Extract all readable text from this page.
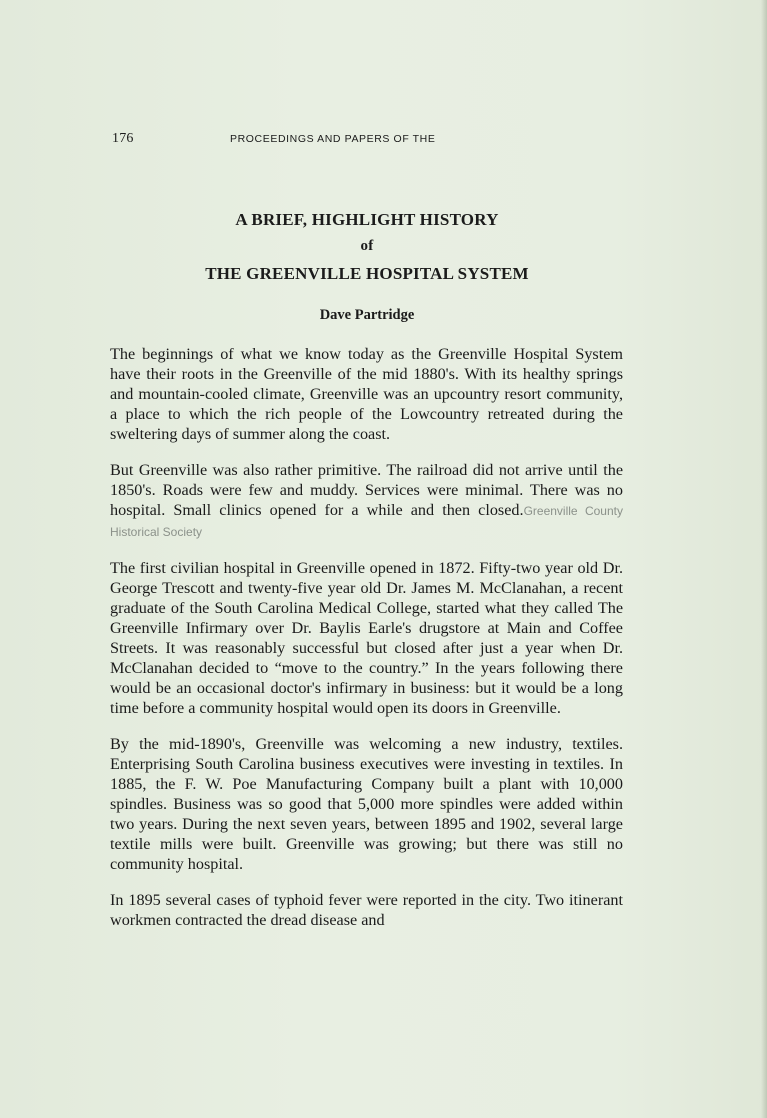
176	PROCEEDINGS AND PAPERS OF THE
A BRIEF, HIGHLIGHT HISTORY
of
THE GREENVILLE HOSPITAL SYSTEM
Dave Partridge

The beginnings of what we know today as the Greenville Hospital System have their roots in the Greenville of the mid 1880's. With its healthy springs and mountain-cooled climate, Greenville was an upcountry resort community, a place to which the rich people of the Lowcountry retreated during the sweltering days of summer along the coast.

But Greenville was also rather primitive. The railroad did not arrive until the 1850's. Roads were few and muddy. Services were minimal. There was no hospital. Small clinics opened for a while and then closed.Greenville County Historical Society

The first civilian hospital in Greenville opened in 1872. Fifty-two year old Dr. George Trescott and twenty-five year old Dr. James M. McClanahan, a recent graduate of the South Carolina Medical College, started what they called The Greenville Infirmary over Dr. Baylis Earle's drugstore at Main and Coffee Streets. It was reasonably successful but closed after just a year when Dr. McClanahan decided to “move to the country.” In the years following there would be an occasional doctor's infirmary in business: but it would be a long time before a community hospital would open its doors in Greenville.

By the mid-1890's, Greenville was welcoming a new industry, textiles. Enterprising South Carolina business executives were investing in textiles. In 1885, the F. W. Poe Manufacturing Company built a plant with 10,000 spindles. Business was so good that 5,000 more spindles were added within two years. During the next seven years, between 1895 and 1902, several large textile mills were built. Greenville was growing; but there was still no community hospital.

In 1895 several cases of typhoid fever were reported in the city. Two itinerant workmen contracted the dread disease and
